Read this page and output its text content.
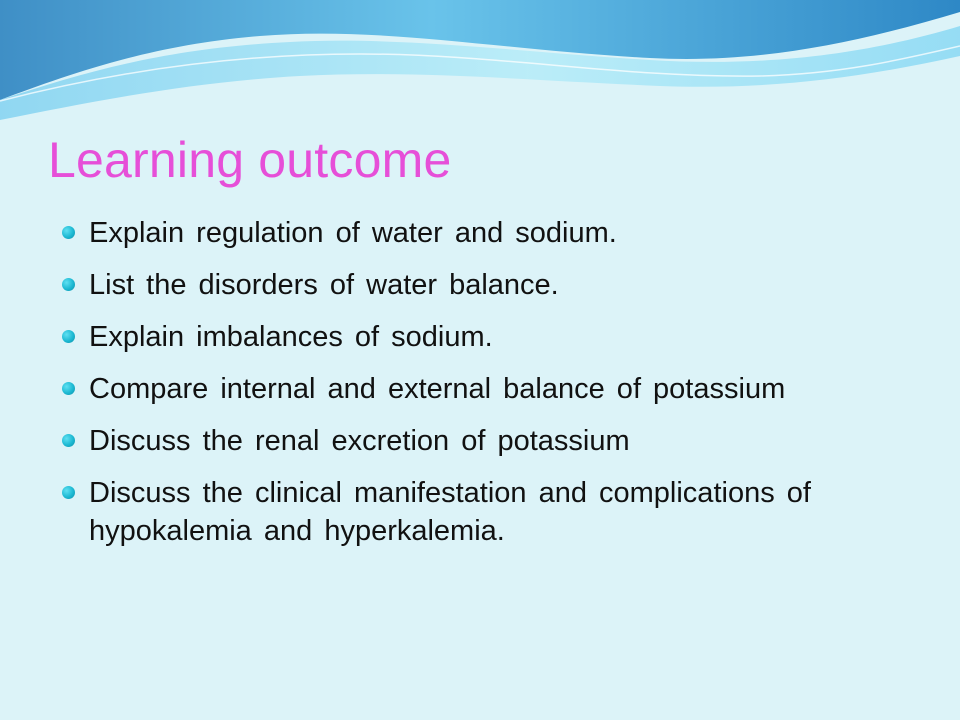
Learning outcome
Explain regulation of water and sodium.
List the disorders of water balance.
Explain imbalances of sodium.
Compare internal and external balance of potassium
Discuss the renal excretion of potassium
Discuss the clinical manifestation and complications of hypokalemia and hyperkalemia.
